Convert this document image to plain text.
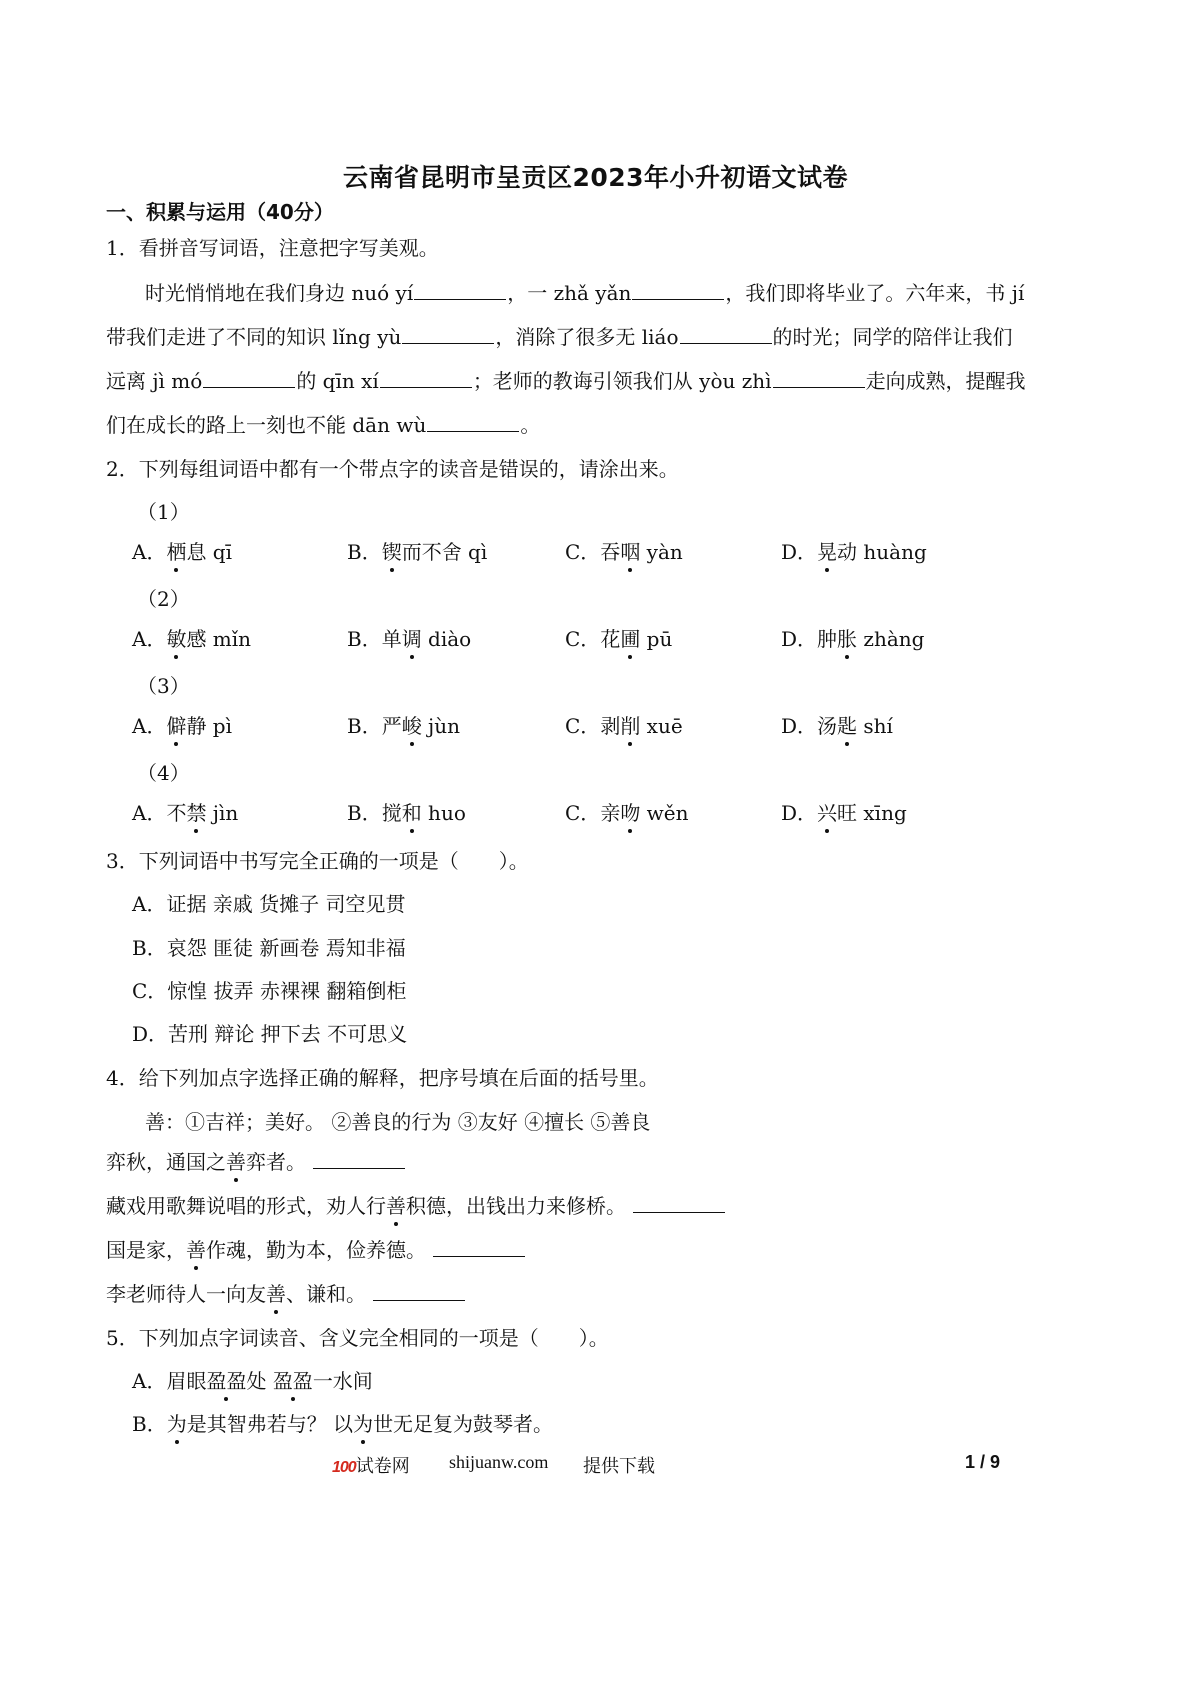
云南省昆明市呈贡区2023年小升初语文试卷
一、积累与运用（40分）
1．看拼音写词语，注意把字写美观。
时光悄悄地在我们身边 nuó yí	，一 zhǎ yǎn	，我们即将毕业了。六年来，书 jí
带我们走进了不同的知识 lǐng yù	，消除了很多无 liáo	的时光；同学的陪伴让我们
远离 jì mó	的 qīn xí	；老师的教诲引领我们从 yòu zhì	走向成熟，提醒我
们在成长的路上一刻也不能 dān wù	。
2．下列每组词语中都有一个带点字的读音是错误的，请涂出来。
（1）
A．栖息 qī	B．锲而不舍 qì	C．吞咽 yàn	D．晃动 huàng
（2）
A．敏感 mǐn	B．单调 diào	C．花圃 pū	D．肿胀 zhàng
（3）
A．僻静 pì	B．严峻 jùn	C．剥削 xuē	D．汤匙 shí
（4）
A．不禁 jìn	B．搅和 huo	C．亲吻 wěn	D．兴旺 xīng
3．下列词语中书写完全正确的一项是（　　）。
A．证据 亲戚 货摊子 司空见贯
B．哀怨 匪徒 新画卷 焉知非福
C．惊惶 拔弄 赤裸裸 翻箱倒柜
D．苦刑 辩论 押下去 不可思义
4．给下列加点字选择正确的解释，把序号填在后面的括号里。
善：①吉祥；美好。 ②善良的行为 ③友好 ④擅长 ⑤善良
弈秋，通国之善弈者。
藏戏用歌舞说唱的形式，劝人行善积德，出钱出力来修桥。
国是家，善作魂，勤为本，俭养德。
李老师待人一向友善、谦和。
5．下列加点字词读音、含义完全相同的一项是（　　）。
A．眉眼盈盈处 盈盈一水间
B．为是其智弗若与？ 以为世无足复为鼓琴者。
100试卷网 shijuanw.com 提供下载	1 / 9
